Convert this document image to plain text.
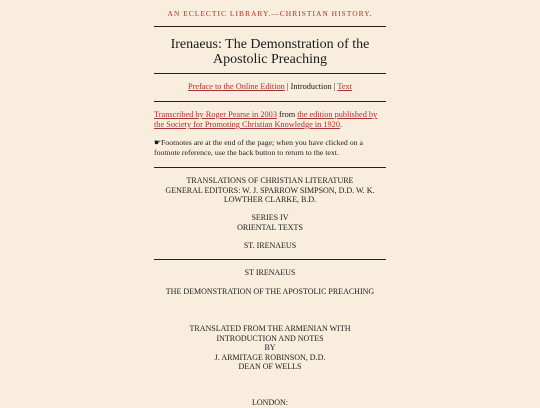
AN ECLECTIC LIBRARY.—CHRISTIAN HISTORY.
Irenaeus: The Demonstration of the Apostolic Preaching
Preface to the Online Edition | Introduction | Text
Transcribed by Roger Pearse in 2003 from the edition published by the Society for Promoting Christian Knowledge in 1920.
☛Footnotes are at the end of the page; when you have clicked on a footnote reference, use the back button to return to the text.
TRANSLATIONS OF CHRISTIAN LITERATURE
GENERAL EDITORS: W. J. SPARROW SIMPSON, D.D. W. K. LOWTHER CLARKE, B.D.
SERIES IV
ORIENTAL TEXTS
ST. IRENAEUS
ST IRENAEUS
THE DEMONSTRATION OF THE APOSTOLIC PREACHING
TRANSLATED FROM THE ARMENIAN WITH
INTRODUCTION AND NOTES
BY
J. ARMITAGE ROBINSON, D.D.
DEAN OF WELLS
LONDON:
